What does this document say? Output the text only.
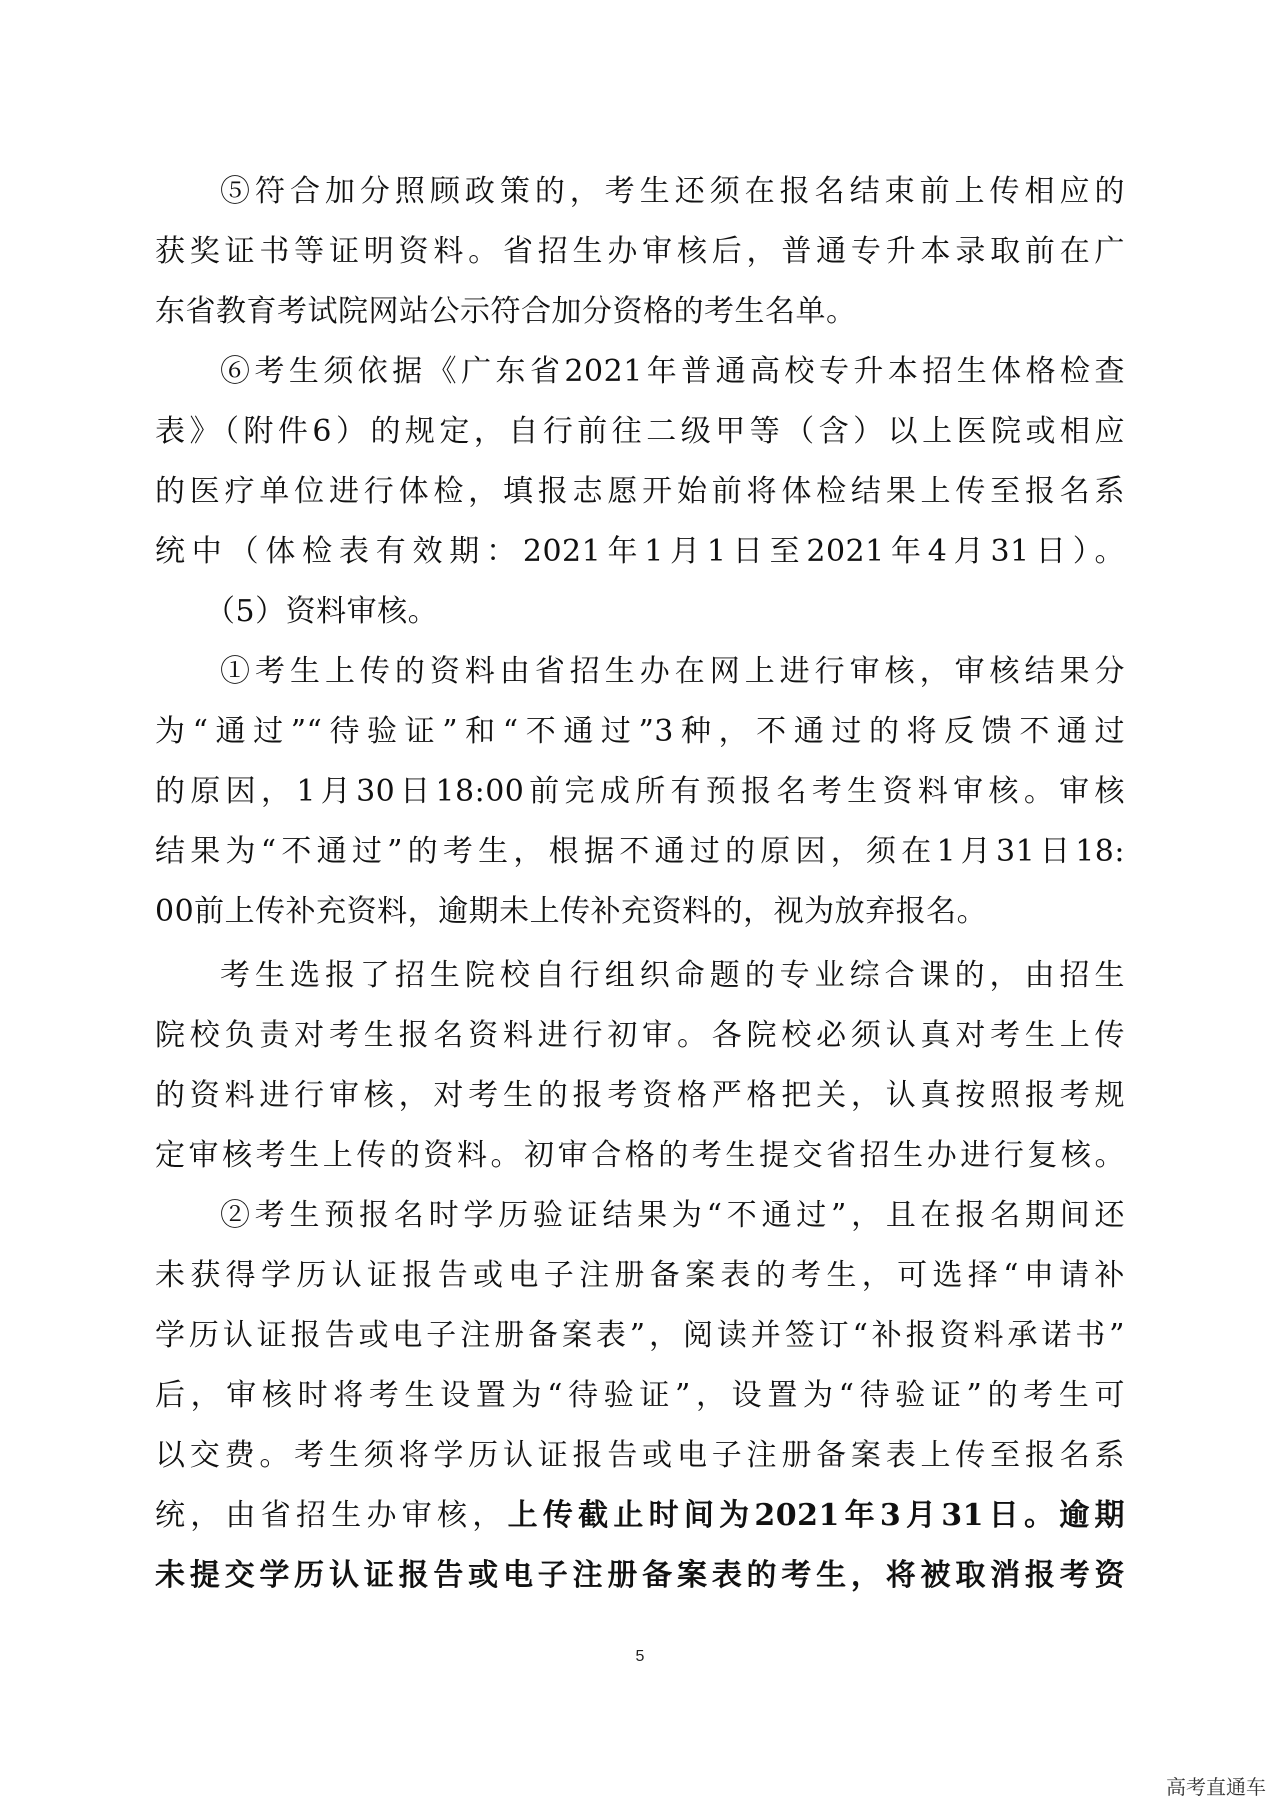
⑤符合加分照顾政策的，考生还须在报名结束前上传相应的
获奖证书等证明资料。省招生办审核后，普通专升本录取前在广
东省教育考试院网站公示符合加分资格的考生名单。
⑥考生须依据《广东省2021年普通高校专升本招生体格检查
表》（附件6）的规定，自行前往二级甲等（含）以上医院或相应
的医疗单位进行体检，填报志愿开始前将体检结果上传至报名系
统中（体检表有效期：2021年1月1日至2021年4月31日）。
（5）资料审核。
①考生上传的资料由省招生办在网上进行审核，审核结果分
为“通过”“待验证”和“不通过”3种，不通过的将反馈不通过
的原因，1月30日18:00前完成所有预报名考生资料审核。审核
结果为“不通过”的考生，根据不通过的原因，须在1月31日18:
00前上传补充资料，逾期未上传补充资料的，视为放弃报名。
考生选报了招生院校自行组织命题的专业综合课的，由招生
院校负责对考生报名资料进行初审。各院校必须认真对考生上传
的资料进行审核，对考生的报考资格严格把关，认真按照报考规
定审核考生上传的资料。初审合格的考生提交省招生办进行复核。
②考生预报名时学历验证结果为“不通过”，且在报名期间还
未获得学历认证报告或电子注册备案表的考生，可选择“申请补
学历认证报告或电子注册备案表”，阅读并签订“补报资料承诺书”
后，审核时将考生设置为“待验证”，设置为“待验证”的考生可
以交费。考生须将学历认证报告或电子注册备案表上传至报名系
统，由省招生办审核，上传截止时间为2021年3月31日。逾期
未提交学历认证报告或电子注册备案表的考生，将被取消报考资
5
高考直通车
